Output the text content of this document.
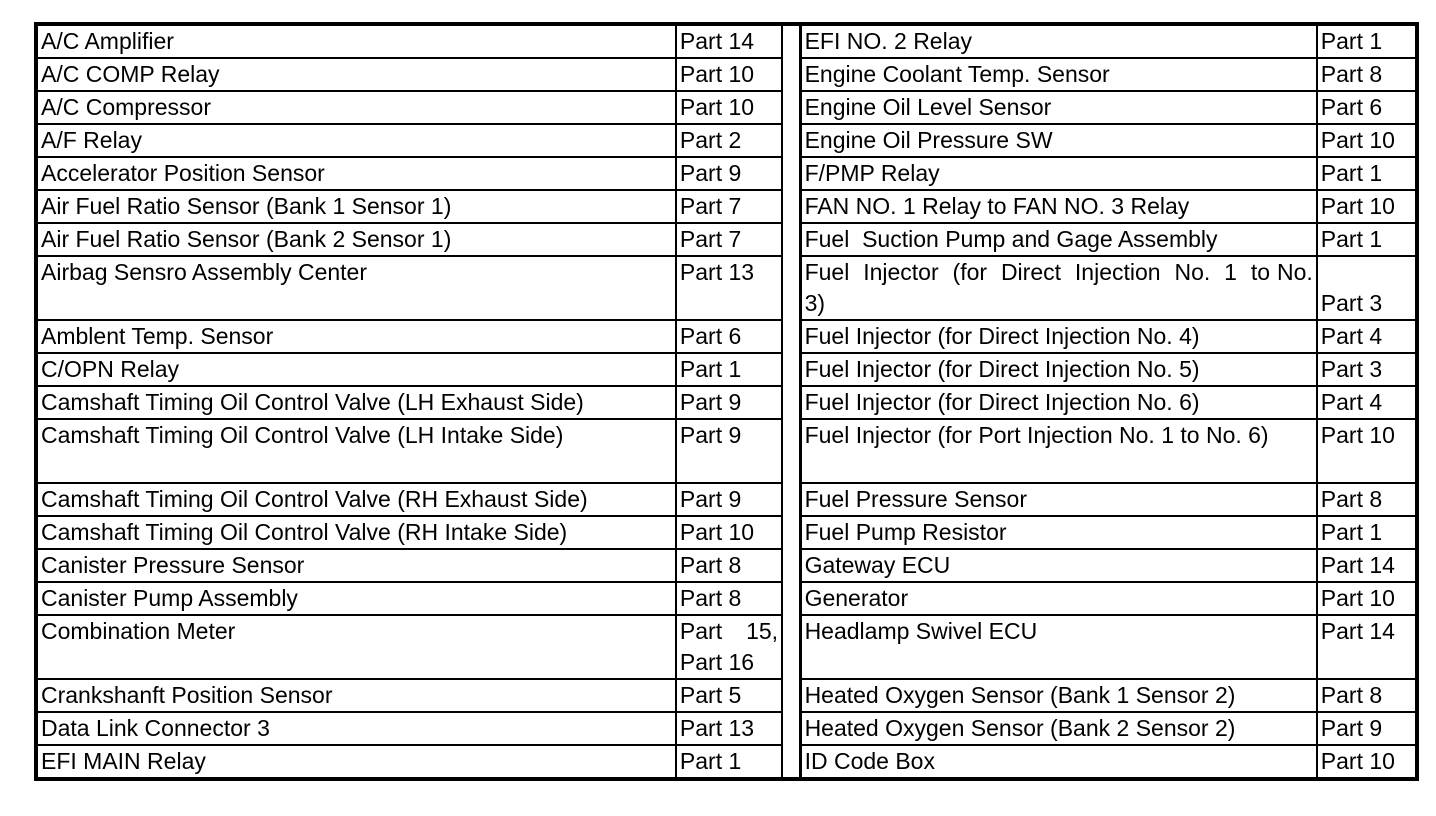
A/C Amplifier	Part 14			EFI NO. 2 Relay	Part 1
A/C COMP Relay	Part 10			Engine Coolant Temp. Sensor	Part 8
A/C Compressor	Part 10			Engine Oil Level Sensor	Part 6
A/F Relay	Part 2			Engine Oil Pressure SW	Part 10
Accelerator Position Sensor	Part 9			F/PMP Relay	Part 1
Air Fuel Ratio Sensor (Bank 1 Sensor 1)	Part 7			FAN NO. 1 Relay to FAN NO. 3 Relay	Part 10
Air Fuel Ratio Sensor (Bank 2 Sensor 1)	Part 7			Fuel  Suction Pump and Gage Assembly	Part 1
Airbag Sensro Assembly Center	Part 13			Fuel  Injector  (for  Direct  Injection  No.  1  to No. 3)	Part 3
Amblent Temp. Sensor	Part 6			Fuel Injector (for Direct Injection No. 4)	Part 4
C/OPN Relay	Part 1			Fuel Injector (for Direct Injection No. 5)	Part 3
Camshaft Timing Oil Control Valve (LH Exhaust Side)	Part 9			Fuel Injector (for Direct Injection No. 6)	Part 4
Camshaft Timing Oil Control Valve (LH Intake Side)	Part 9			Fuel Injector (for Port Injection No. 1 to No. 6)	Part 10
Camshaft Timing Oil Control Valve (RH Exhaust Side)	Part 9			Fuel Pressure Sensor	Part 8
Camshaft Timing Oil Control Valve (RH Intake Side)	Part 10			Fuel Pump Resistor	Part 1
Canister Pressure Sensor	Part 8			Gateway ECU	Part 14
Canister Pump Assembly	Part 8			Generator	Part 10
Combination Meter	Part  15, Part 16			Headlamp Swivel ECU	Part 14
Crankshanft Position Sensor	Part 5			Heated Oxygen Sensor (Bank 1 Sensor 2)	Part 8
Data Link Connector 3	Part 13			Heated Oxygen Sensor (Bank 2 Sensor 2)	Part 9
EFI MAIN Relay	Part 1			ID Code Box	Part 10
